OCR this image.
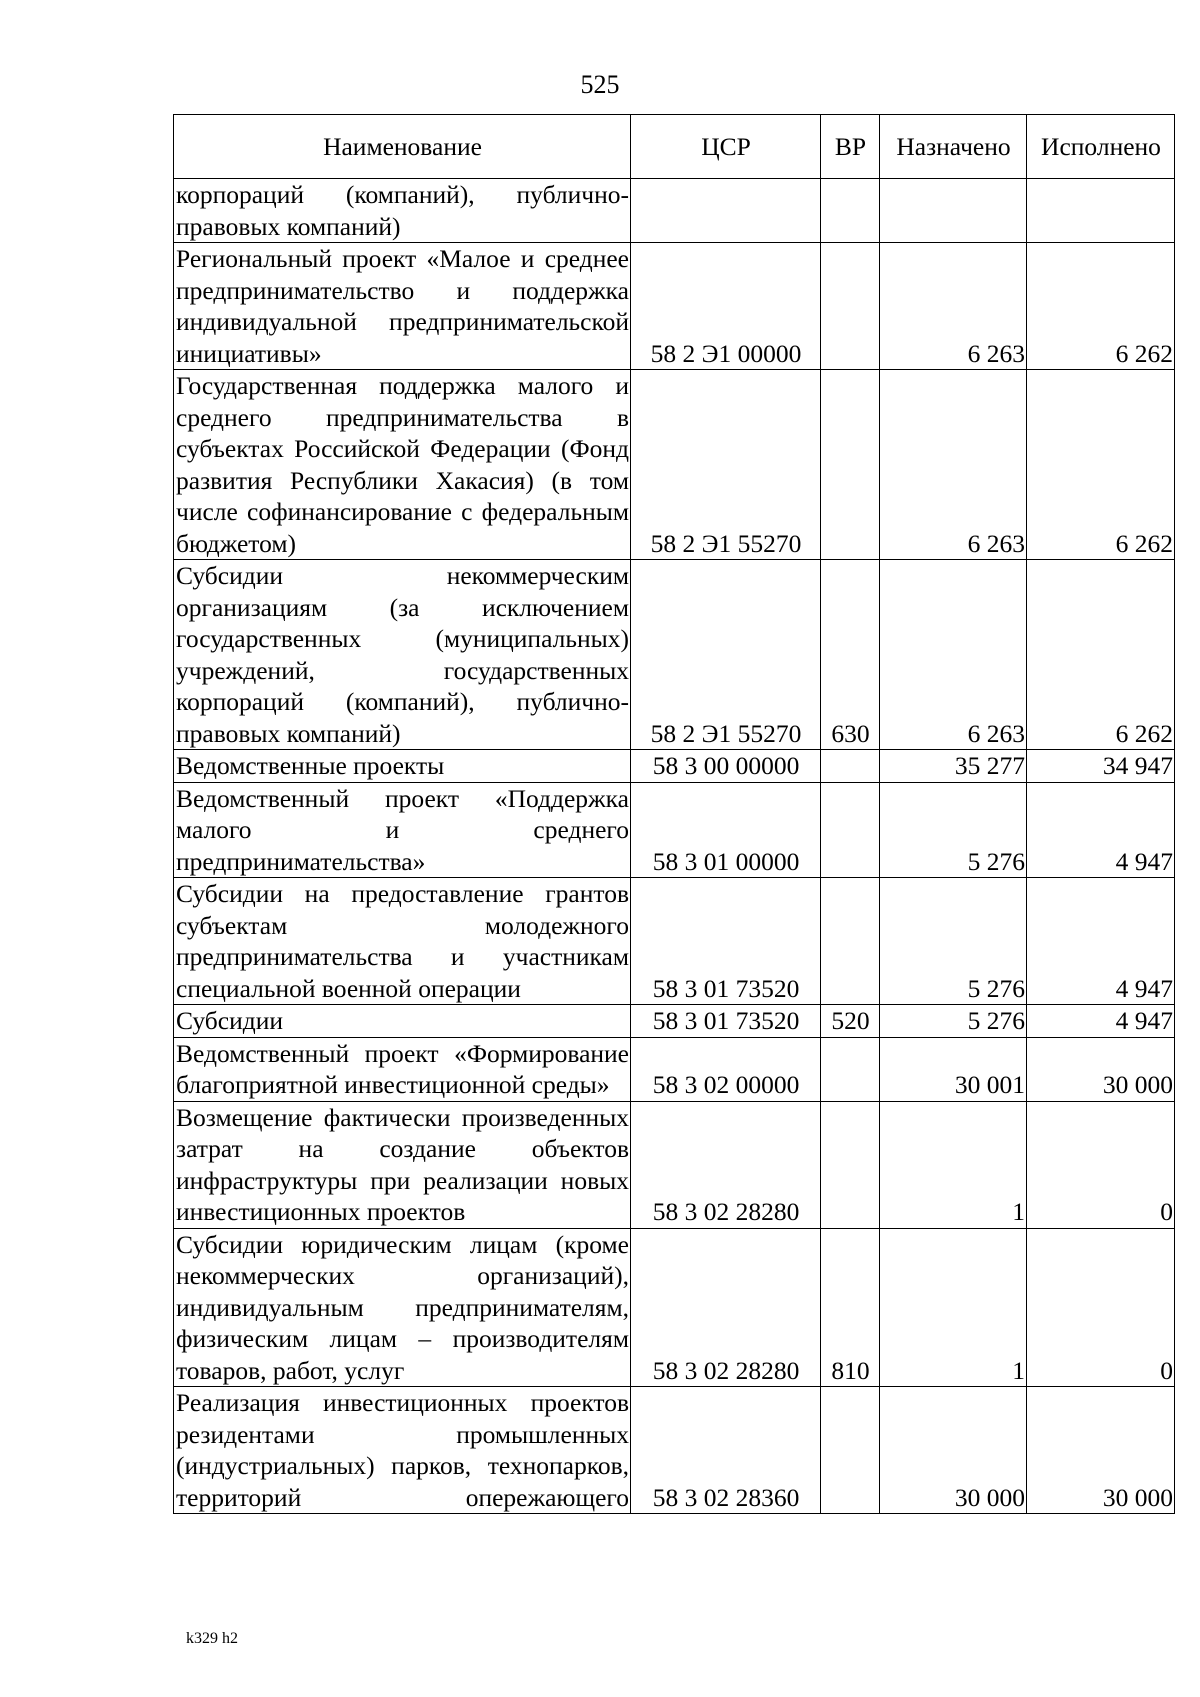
525
Наименование	ЦСР	ВР	Назначено	Исполнено
корпораций (компаний), публично-правовых компаний)				
Региональный проект «Малое и среднее предпринимательство и поддержка индивидуальной предпринимательской инициативы»	58 2 Э1 00000		6 263	6 262
Государственная поддержка малого и среднего предпринимательства в субъектах Российской Федерации (Фонд развития Республики Хакасия) (в том числе софинансирование с федеральным бюджетом)	58 2 Э1 55270		6 263	6 262
Субсидии некоммерческим организациям (за исключением государственных (муниципальных) учреждений, государственных корпораций (компаний), публично-правовых компаний)	58 2 Э1 55270	630	6 263	6 262
Ведомственные проекты	58 3 00 00000		35 277	34 947
Ведомственный проект «Поддержка малого и среднего предпринимательства»	58 3 01 00000		5 276	4 947
Субсидии на предоставление грантов субъектам молодежного предпринимательства и участникам специальной военной операции	58 3 01 73520		5 276	4 947
Субсидии	58 3 01 73520	520	5 276	4 947
Ведомственный проект «Формирование благоприятной инвестиционной среды»	58 3 02 00000		30 001	30 000
Возмещение фактически произведенных затрат на создание объектов инфраструктуры при реализации новых инвестиционных проектов	58 3 02 28280		1	0
Субсидии юридическим лицам (кроме некоммерческих организаций), индивидуальным предпринимателям, физическим лицам – производителям товаров, работ, услуг	58 3 02 28280	810	1	0
Реализация инвестиционных проектов резидентами промышленных (индустриальных) парков, технопарков, территорий опережающего	58 3 02 28360		30 000	30 000
k329 h2
